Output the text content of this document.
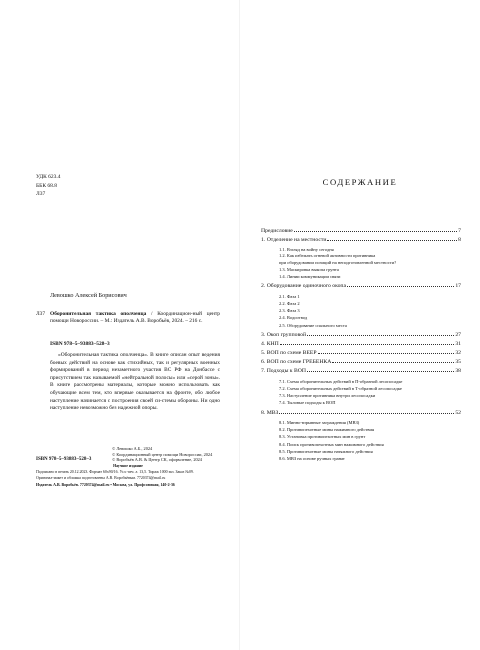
УДК 623.4
ББК 68.8
Л37
Левошко Алексей Борисович
Л37 Оборонительная тактика ополченца / Координацион-ный центр помощи Новороссии. – М.: Издатель А.В. Воробьёв, 2024. – 216 с.
ISBN 978–5–93883–528–3
«Оборонительная тактика ополченца». В книге описан опыт ведения боевых действий на основе как стихийных, так и регулярных военных формирований в период незаметного участия ВС РФ на Донбассе с присутствием так называемой «нейтральной полосы» или «серой зоны». В книге рассмотрены материалы, которые можно использовать как обучающие всем тем, кто впервые оказывается на фронте, обо любое наступление начинается с построения своей си-стемы обороны. Ни одно наступление невозможно без надежной опоры.
© Левошко А.Б., 2024
© Координационный центр помощи Новороссии, 2024
© Воробьёв А.В. & Центр СК, оформление, 2024
ISBN 978–5–93883–528–3
Научное издание
Подписано в печать 20.12.2023. Формат 60x90/16. Усл.-печ. л. 13,5. Тираж 1000 экз. Заказ №09.
Оригинал-макет и обложка подготовлены А.В. Воробьёвым. 7720374@mail.ru
Издатель А.В. Воробьёв. 7720374@mail.ru • Москва, ул. Профсоюзная, 140-2-36
СОДЕРЖАНИЕ
Предисловие	7
1. Отделение на местности	8
1.1. Взгляд на войну сегодня
1.2. Как избежать огневой активности противника
при оборудовании позиций на неподготовленной местности?
1.3. Маскировка выкопа грунта
1.4. Линии коммуникации связи
2. Оборудование одиночного окопа	17
2.1. Фаза 1
2.2. Фаза 2
2.3. Фаза 3
2.4. Водоотвод
2.5. Оборудование спального места
3. Окоп групповой	27
4. КНП	31
5. ВОП по схеме ВЕЕР	32
6. ВОП по схеме ГРЕБЕНКА	35
7. Подходы к ВОП	38
7.1. Схема оборонительных действий в П-образной лесопосадке
7.2. Схема оборонительных действий в Т-образной лесопосадке
7.3. Наступление противника внутри лесопосадки
7.4. Тыловые подходы к ВОП
8. МВЗ	52
8.1. Минно-взрывные заграждения (МВЗ)
8.2. Противопехотные мины нажимного действия
8.3. Установка противопехотных мин в грунт
8.4. Поиск противопехотных мин нажимного действия
8.5. Противопехотные мины натяжного действия
8.6. МВЗ на основе ручных гранат
